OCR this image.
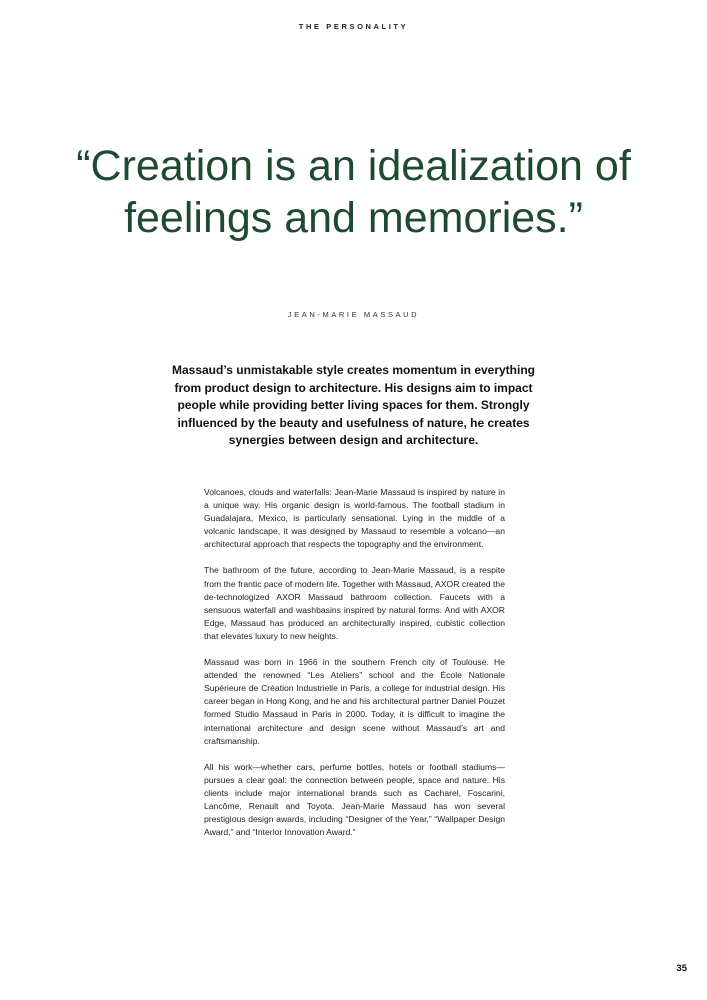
THE PERSONALITY
“Creation is an idealization of feelings and memories.”
JEAN-MARIE MASSAUD

Massaud’s unmistakable style creates momentum in everything from product design to architecture. His designs aim to impact people while providing better living spaces for them. Strongly influenced by the beauty and usefulness of nature, he creates synergies between design and architecture.

Volcanoes, clouds and waterfalls: Jean-Marie Massaud is inspired by nature in a unique way. His organic design is world-famous. The football stadium in Guadalajara, Mexico, is particularly sensational. Lying in the middle of a volcanic landscape, it was designed by Massaud to resemble a volcano—an architectural approach that respects the topography and the environment.

The bathroom of the future, according to Jean-Marie Massaud, is a respite from the frantic pace of modern life. Together with Massaud, AXOR created the de-technologized AXOR Massaud bathroom collection. Faucets with a sensuous waterfall and washbasins inspired by natural forms. And with AXOR Edge, Massaud has produced an architecturally inspired, cubistic collection that elevates luxury to new heights.

Massaud was born in 1966 in the southern French city of Toulouse. He attended the renowned “Les Ateliers” school and the École Nationale Supérieure de Création Industrielle in Paris, a college for industrial design. His career began in Hong Kong, and he and his architectural partner Daniel Pouzet formed Studio Massaud in Paris in 2000. Today, it is difficult to imagine the international architecture and design scene without Massaud’s art and craftsmanship.

All his work—whether cars, perfume bottles, hotels or football stadiums—pursues a clear goal: the connection between people, space and nature. His clients include major international brands such as Cacharel, Foscarini, Lancôme, Renault and Toyota. Jean-Marie Massaud has won several prestigious design awards, including “Designer of the Year,” “Wallpaper Design Award,” and “Interior Innovation Award.”

35
